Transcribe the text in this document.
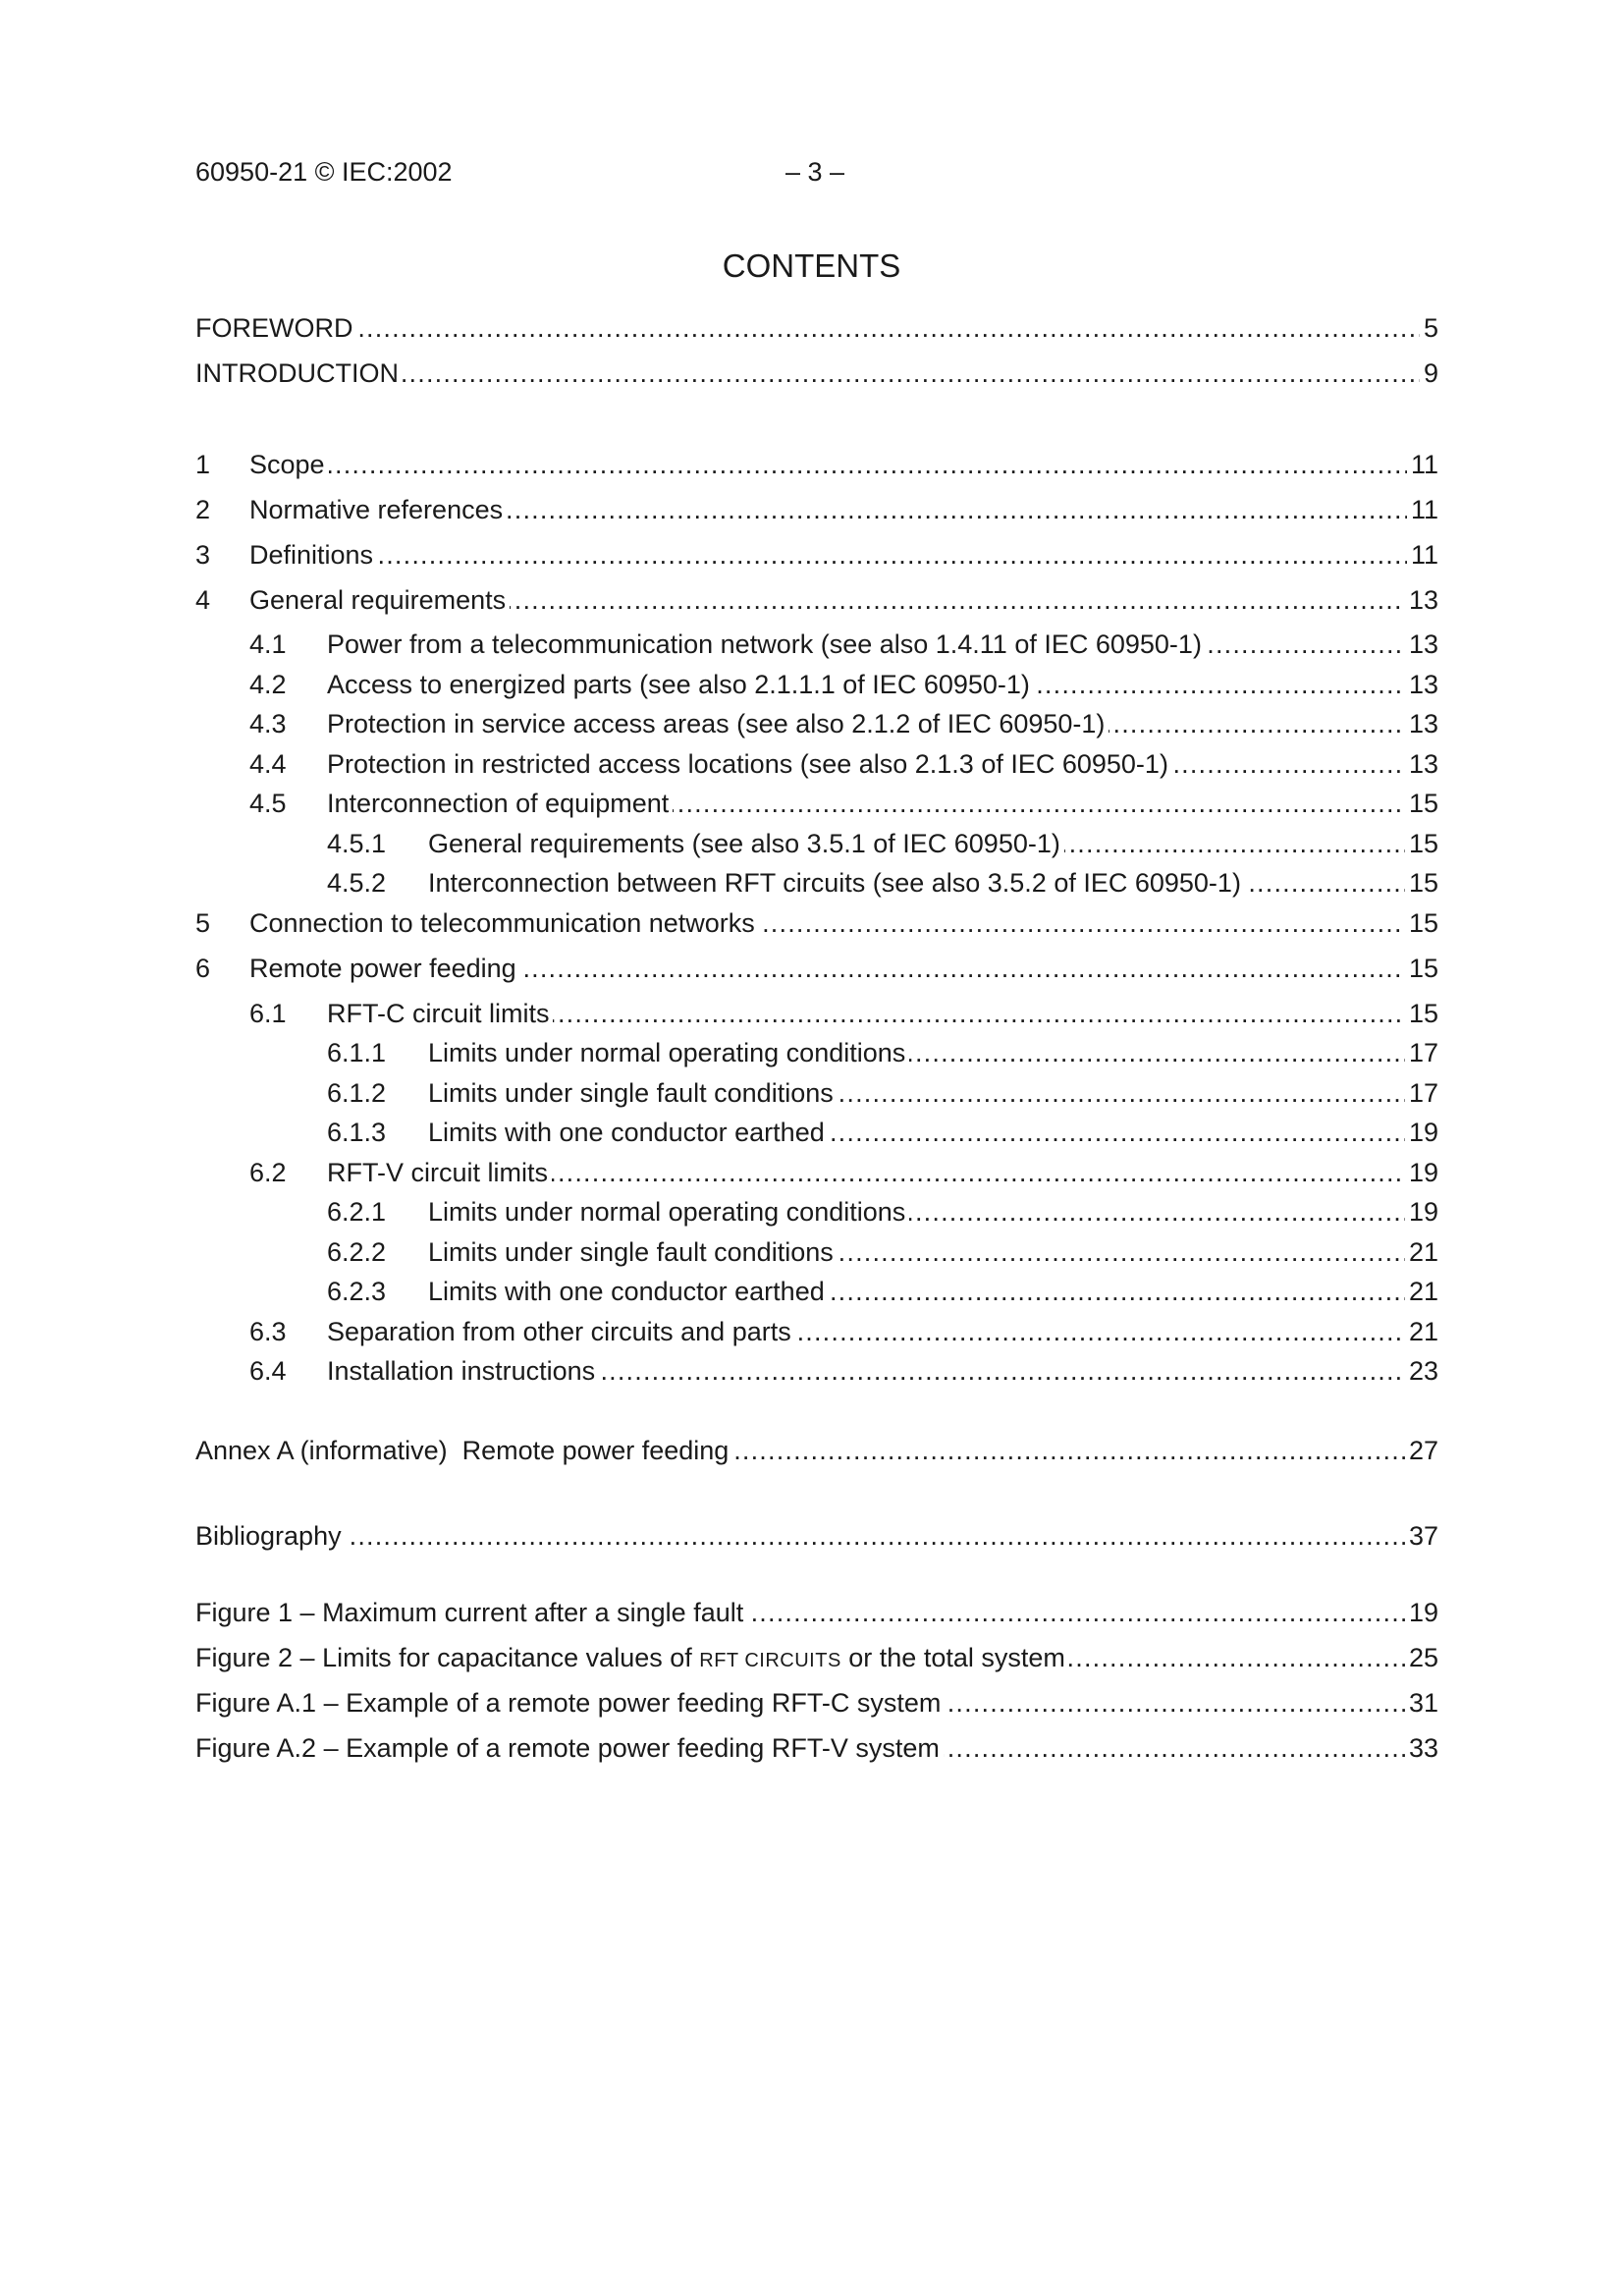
60950-21 © IEC:2002	– 3 –
CONTENTS
FOREWORD .....	5
INTRODUCTION .....	9
1 Scope .....	11
2 Normative references .....	11
3 Definitions .....	11
4 General requirements .....	13
4.1 Power from a telecommunication network (see also 1.4.11 of IEC 60950-1) .....	13
4.2 Access to energized parts (see also 2.1.1.1 of IEC 60950-1) .....	13
4.3 Protection in service access areas (see also 2.1.2 of IEC 60950-1) .....	13
4.4 Protection in restricted access locations (see also 2.1.3 of IEC 60950-1) .....	13
4.5 Interconnection of equipment .....	15
4.5.1 General requirements (see also 3.5.1 of IEC 60950-1) .....	15
4.5.2 Interconnection between RFT circuits (see also 3.5.2 of IEC 60950-1) .....	15
5 Connection to telecommunication networks .....	15
6 Remote power feeding .....	15
6.1 RFT-C circuit limits .....	15
6.1.1 Limits under normal operating conditions .....	17
6.1.2 Limits under single fault conditions .....	17
6.1.3 Limits with one conductor earthed .....	19
6.2 RFT-V circuit limits .....	19
6.2.1 Limits under normal operating conditions .....	19
6.2.2 Limits under single fault conditions .....	21
6.2.3 Limits with one conductor earthed .....	21
6.3 Separation from other circuits and parts .....	21
6.4 Installation instructions .....	23
Annex A (informative)  Remote power feeding .....	27
Bibliography .....	37
Figure 1 – Maximum current after a single fault .....	19
Figure 2 – Limits for capacitance values of RFT CIRCUITS or the total system .....	25
Figure A.1 – Example of a remote power feeding RFT-C system .....	31
Figure A.2 – Example of a remote power feeding RFT-V system .....	33
